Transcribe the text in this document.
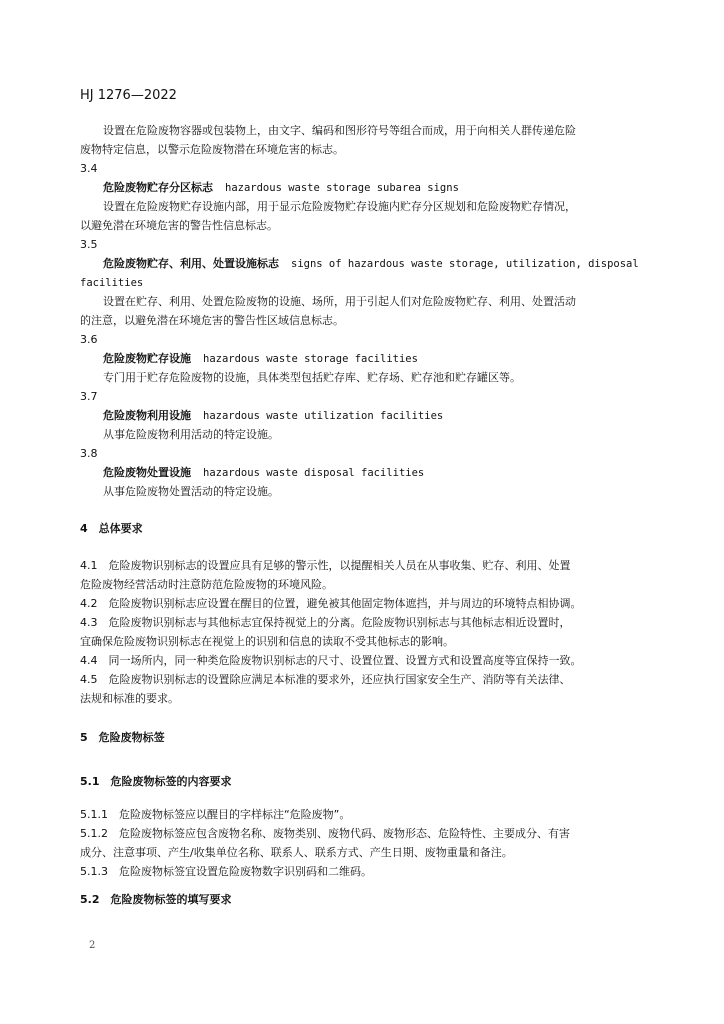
HJ 1276—2022
设置在危险废物容器或包装物上，由文字、编码和图形符号等组合而成，用于向相关人群传递危险
废物特定信息，以警示危险废物潜在环境危害的标志。
3.4
危险废物贮存分区标志 hazardous waste storage subarea signs
设置在危险废物贮存设施内部，用于显示危险废物贮存设施内贮存分区规划和危险废物贮存情况，
以避免潜在环境危害的警告性信息标志。
3.5
危险废物贮存、利用、处置设施标志 signs of hazardous waste storage, utilization, disposal
facilities
设置在贮存、利用、处置危险废物的设施、场所，用于引起人们对危险废物贮存、利用、处置活动
的注意，以避免潜在环境危害的警告性区域信息标志。
3.6
危险废物贮存设施 hazardous waste storage facilities
专门用于贮存危险废物的设施，具体类型包括贮存库、贮存场、贮存池和贮存罐区等。
3.7
危险废物利用设施 hazardous waste utilization facilities
从事危险废物利用活动的特定设施。
3.8
危险废物处置设施 hazardous waste disposal facilities
从事危险废物处置活动的特定设施。
4　总体要求
4.1　危险废物识别标志的设置应具有足够的警示性，以提醒相关人员在从事收集、贮存、利用、处置
危险废物经营活动时注意防范危险废物的环境风险。
4.2　危险废物识别标志应设置在醒目的位置，避免被其他固定物体遮挡，并与周边的环境特点相协调。
4.3　危险废物识别标志与其他标志宜保持视觉上的分离。危险废物识别标志与其他标志相近设置时，
宜确保危险废物识别标志在视觉上的识别和信息的读取不受其他标志的影响。
4.4　同一场所内，同一种类危险废物识别标志的尺寸、设置位置、设置方式和设置高度等宜保持一致。
4.5　危险废物识别标志的设置除应满足本标准的要求外，还应执行国家安全生产、消防等有关法律、
法规和标准的要求。
5　危险废物标签
5.1　危险废物标签的内容要求
5.1.1　危险废物标签应以醒目的字样标注“危险废物”。
5.1.2　危险废物标签应包含废物名称、废物类别、废物代码、废物形态、危险特性、主要成分、有害
成分、注意事项、产生/收集单位名称、联系人、联系方式、产生日期、废物重量和备注。
5.1.3　危险废物标签宜设置危险废物数字识别码和二维码。
5.2　危险废物标签的填写要求
2
